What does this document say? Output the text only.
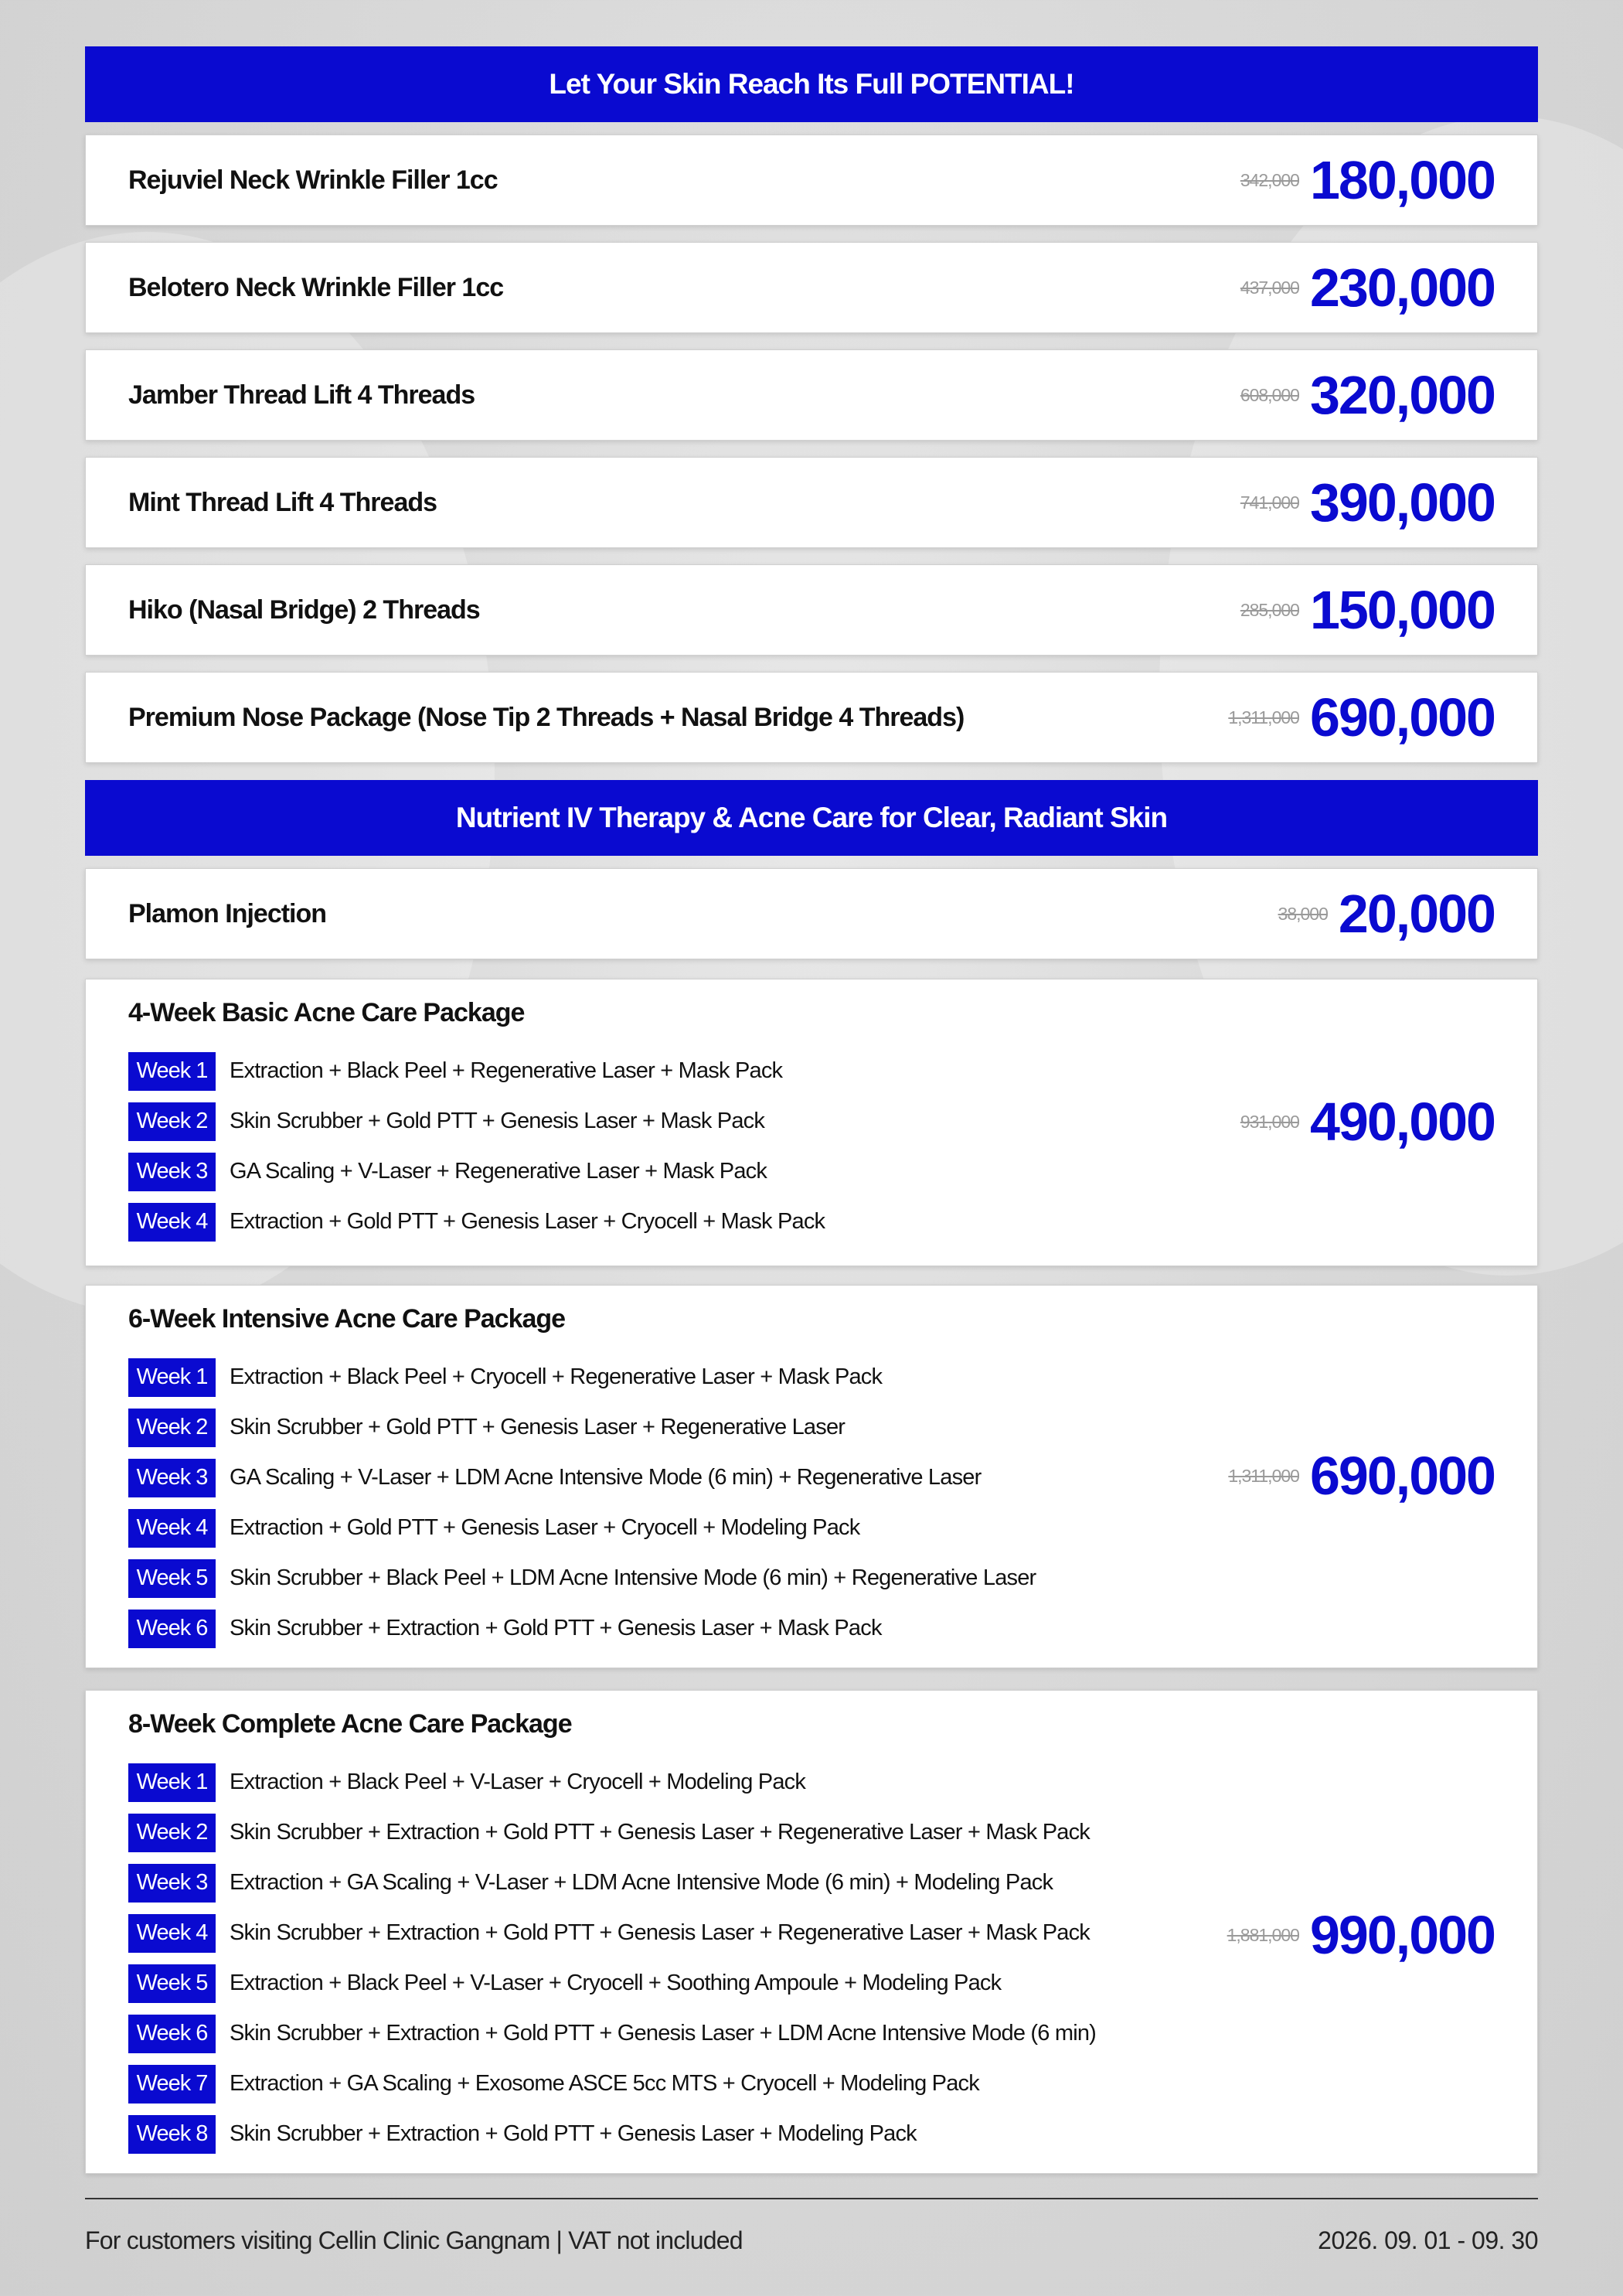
Let Your Skin Reach Its Full POTENTIAL!
Rejuviel Neck Wrinkle Filler 1cc	342,000 180,000
Belotero Neck Wrinkle Filler 1cc	437,000 230,000
Jamber Thread Lift 4 Threads	608,000 320,000
Mint Thread Lift 4 Threads	741,000 390,000
Hiko (Nasal Bridge) 2 Threads	285,000 150,000
Premium Nose Package (Nose Tip 2 Threads + Nasal Bridge 4 Threads)	1,311,000 690,000
Nutrient IV Therapy & Acne Care for Clear, Radiant Skin
Plamon Injection	38,000 20,000
4-Week Basic Acne Care Package
Week 1 Extraction + Black Peel + Regenerative Laser + Mask Pack
Week 2 Skin Scrubber + Gold PTT + Genesis Laser + Mask Pack
Week 3 GA Scaling + V-Laser + Regenerative Laser + Mask Pack
Week 4 Extraction + Gold PTT + Genesis Laser + Cryocell + Mask Pack
931,000 490,000
6-Week Intensive Acne Care Package
Week 1 Extraction + Black Peel + Cryocell + Regenerative Laser + Mask Pack
Week 2 Skin Scrubber + Gold PTT + Genesis Laser + Regenerative Laser
Week 3 GA Scaling + V-Laser + LDM Acne Intensive Mode (6 min) + Regenerative Laser
Week 4 Extraction + Gold PTT + Genesis Laser + Cryocell + Modeling Pack
Week 5 Skin Scrubber + Black Peel + LDM Acne Intensive Mode (6 min) + Regenerative Laser
Week 6 Skin Scrubber + Extraction + Gold PTT + Genesis Laser + Mask Pack
1,311,000 690,000
8-Week Complete Acne Care Package
Week 1 Extraction + Black Peel + V-Laser + Cryocell + Modeling Pack
Week 2 Skin Scrubber + Extraction + Gold PTT + Genesis Laser + Regenerative Laser + Mask Pack
Week 3 Extraction + GA Scaling + V-Laser + LDM Acne Intensive Mode (6 min) + Modeling Pack
Week 4 Skin Scrubber + Extraction + Gold PTT + Genesis Laser + Regenerative Laser + Mask Pack
Week 5 Extraction + Black Peel + V-Laser + Cryocell + Soothing Ampoule + Modeling Pack
Week 6 Skin Scrubber + Extraction + Gold PTT + Genesis Laser + LDM Acne Intensive Mode (6 min)
Week 7 Extraction + GA Scaling + Exosome ASCE 5cc MTS + Cryocell + Modeling Pack
Week 8 Skin Scrubber + Extraction + Gold PTT + Genesis Laser + Modeling Pack
1,881,000 990,000
For customers visiting Cellin Clinic Gangnam | VAT not included	2026. 09. 01 - 09. 30
